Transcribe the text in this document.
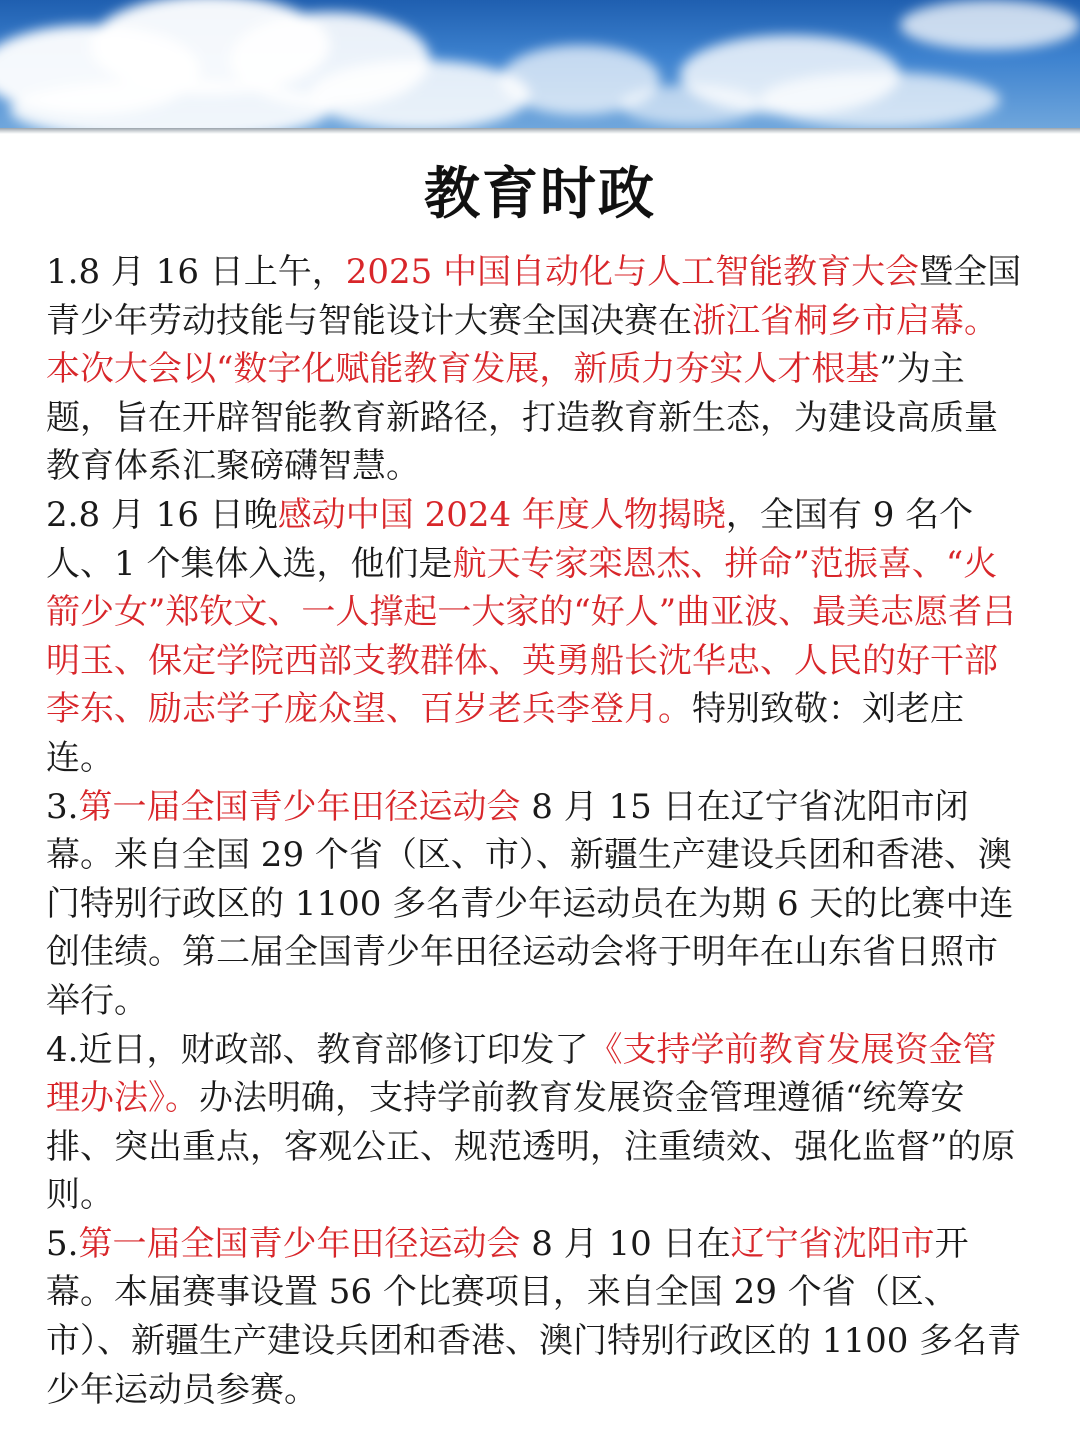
教育时政

1.8 月 16 日上午，2025 中国自动化与人工智能教育大会暨全国青少年劳动技能与智能设计大赛全国决赛在浙江省桐乡市启幕。本次大会以“数字化赋能教育发展，新质力夯实人才根基”为主题，旨在开辟智能教育新路径，打造教育新生态，为建设高质量教育体系汇聚磅礴智慧。

2.8 月 16 日晚感动中国 2024 年度人物揭晓，全国有 9 名个人、1 个集体入选，他们是航天专家栾恩杰、拼命”范振喜、“火箭少女”郑钦文、一人撑起一大家的“好人”曲亚波、最美志愿者吕明玉、保定学院西部支教群体、英勇船长沈华忠、人民的好干部李东、励志学子庞众望、百岁老兵李登月。特别致敬：刘老庄连。

3.第一届全国青少年田径运动会 8 月 15 日在辽宁省沈阳市闭幕。来自全国 29 个省（区、市）、新疆生产建设兵团和香港、澳门特别行政区的 1100 多名青少年运动员在为期 6 天的比赛中连创佳绩。第二届全国青少年田径运动会将于明年在山东省日照市举行。

4.近日，财政部、教育部修订印发了《支持学前教育发展资金管理办法》。办法明确，支持学前教育发展资金管理遵循“统筹安排、突出重点，客观公正、规范透明，注重绩效、强化监督”的原则。

5.第一届全国青少年田径运动会 8 月 10 日在辽宁省沈阳市开幕。本届赛事设置 56 个比赛项目，来自全国 29 个省（区、市）、新疆生产建设兵团和香港、澳门特别行政区的 1100 多名青少年运动员参赛。
